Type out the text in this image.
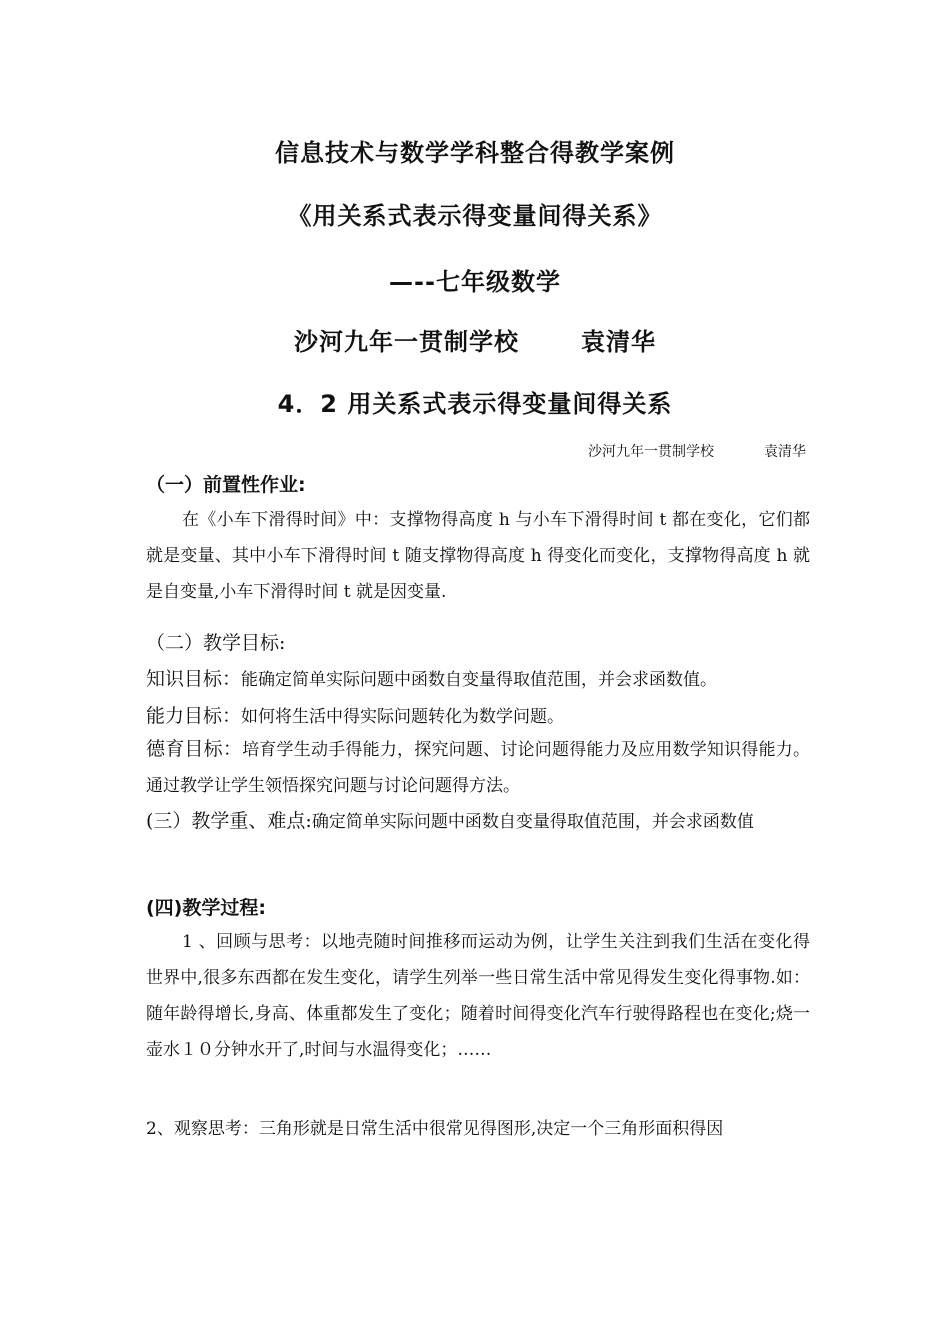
信息技术与数学学科整合得教学案例
《用关系式表示得变量间得关系》
—--七年级数学
沙河九年一贯制学校	袁清华
4．2 用关系式表示得变量间得关系
沙河九年一贯制学校	袁清华
（一）前置性作业:
在《小车下滑得时间》中：支撑物得高度 h 与小车下滑得时间 t 都在变化，它们都就是变量、其中小车下滑得时间 t 随支撑物得高度 h 得变化而变化，支撑物得高度 h 就是自变量,小车下滑得时间 t 就是因变量.
（二）教学目标:
知识目标：能确定简单实际问题中函数自变量得取值范围，并会求函数值。
能力目标：如何将生活中得实际问题转化为数学问题。
德育目标：培育学生动手得能力，探究问题、讨论问题得能力及应用数学知识得能力。通过教学让学生领悟探究问题与讨论问题得方法。
(三）教学重、难点:确定简单实际问题中函数自变量得取值范围，并会求函数值
(四)教学过程:
1 、回顾与思考：以地壳随时间推移而运动为例，让学生关注到我们生活在变化得世界中,很多东西都在发生变化，请学生列举一些日常生活中常见得发生变化得事物.如：随年龄得增长,身高、体重都发生了变化；随着时间得变化汽车行驶得路程也在变化;烧一壶水１０分钟水开了,时间与水温得变化；……
2、观察思考：三角形就是日常生活中很常见得图形,决定一个三角形面积得因
